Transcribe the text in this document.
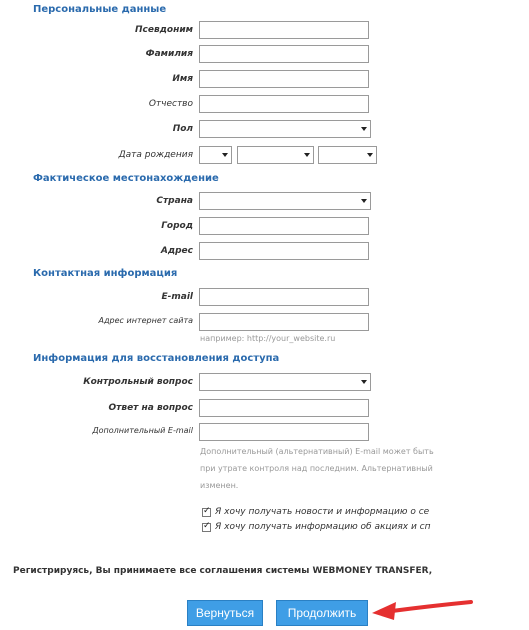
Персональные данные
Псевдоним
Фамилия
Имя
Отчество
Пол
Дата рождения
Фактическое местонахождение
Страна
Город
Адрес
Контактная информация
E-mail
Адрес интернет сайта
например: http://your_website.ru
Информация для восстановления доступа
Контрольный вопрос
Ответ на вопрос
Дополнительный E-mail
Дополнительный (альтернативный) E-mail может быть
при утрате контроля над последним. Альтернативный
изменен.
✓
Я хочу получать новости и информацию о се
✓
Я хочу получать информацию об акциях и сп
Регистрируясь, Вы принимаете все соглашения системы WEBMONEY TRANSFER,
Вернуться	Продолжить
